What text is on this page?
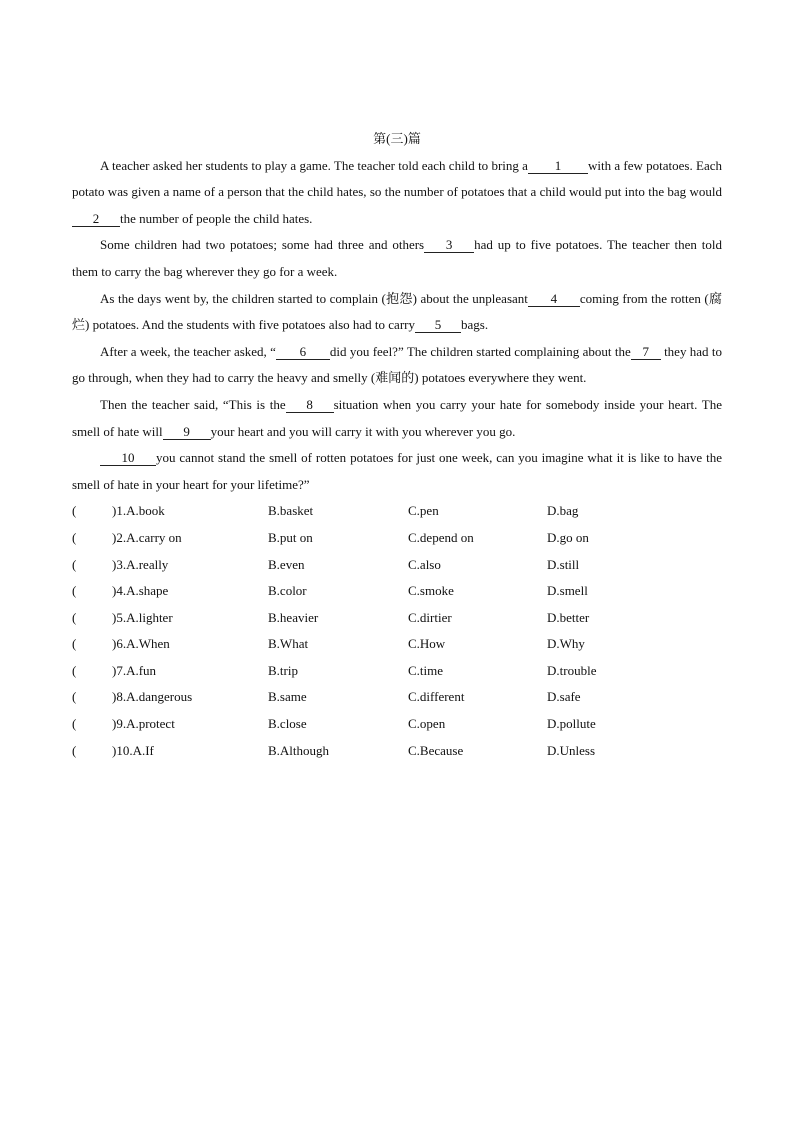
第(三)篇

A teacher asked her students to play a game. The teacher told each child to bring a 1 with a few potatoes. Each potato was given a name of a person that the child hates, so the number of potatoes that a child would put into the bag would2 the number of people the child hates.

Some children had two potatoes; some had three and others 3 had up to five potatoes. The teacher then told them to carry the bag wherever they go for a week.

As the days went by, the children started to complain (抱怨) about the unpleasant 4 coming from the rotten (腐烂) potatoes. And the students with five potatoes also had to carry 5 bags.

After a week, the teacher asked, “ 6 did you feel?” The children started complaining about the 7 they had to go through, when they had to carry the heavy and smelly (难闻的) potatoes everywhere they went.

Then the teacher said, “This is the 8 situation when you carry your hate for somebody inside your heart. The smell of hate will 9 your heart and you will carry it with you wherever you go.

10 you cannot stand the smell of rotten potatoes for just one week, can you imagine what it is like to have the smell of hate in your heart for your lifetime?”

(	)1.A.book	B.basket	C.pen	D.bag
(	)2.A.carry on	B.put on	C.depend on	D.go on
(	)3.A.really	B.even	C.also	D.still
(	)4.A.shape	B.color	C.smoke	D.smell
(	)5.A.lighter	B.heavier	C.dirtier	D.better
(	)6.A.When	B.What	C.How	D.Why
(	)7.A.fun	B.trip	C.time	D.trouble
(	)8.A.dangerous	B.same	C.different	D.safe
(	)9.A.protect	B.close	C.open	D.pollute
(	)10.A.If	B.Although	C.Because	D.Unless
